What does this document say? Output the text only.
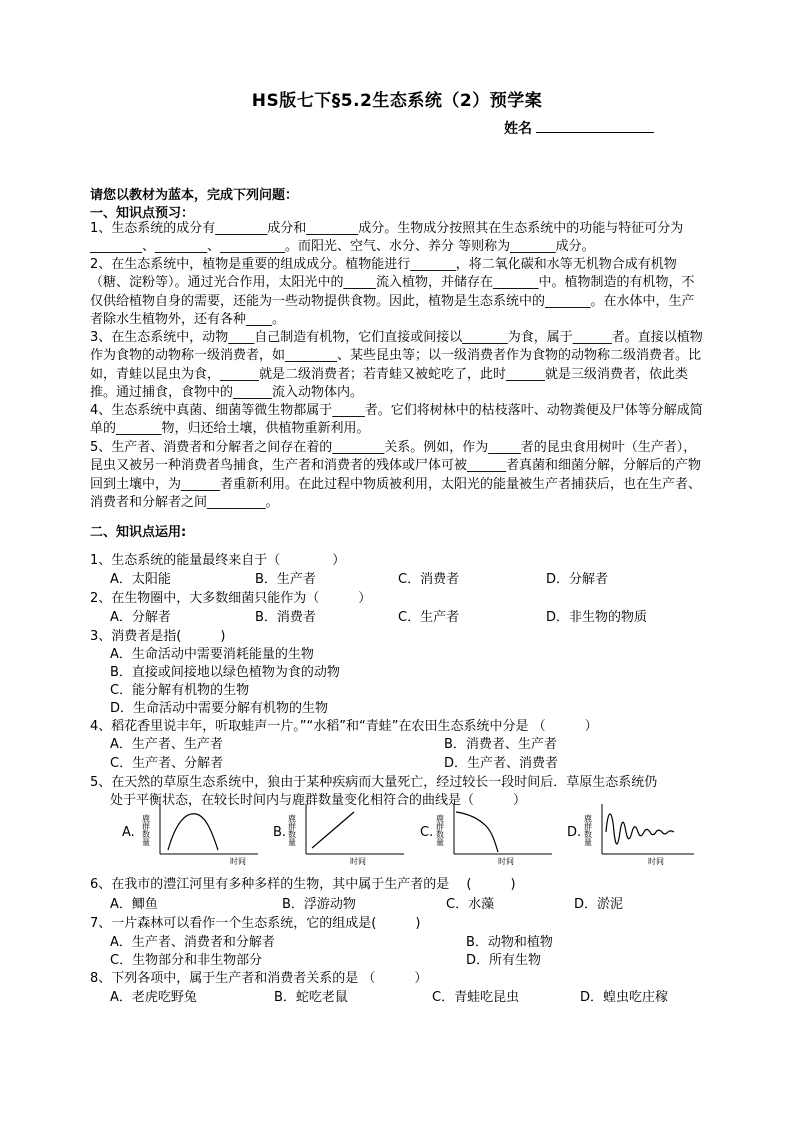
HS版七下§5.2生态系统（2）预学案
姓名
请您以教材为蓝本，完成下列问题：
一、知识点预习：
1、生态系统的成分有________成分和________成分。生物成分按照其在生态系统中的功能与特征可分为________、________、__________。而阳光、空气、水分、养分 等则称为_______成分。
2、在生态系统中，植物是重要的组成成分。植物能进行_______，将二氧化碳和水等无机物合成有机物（糖、淀粉等）。通过光合作用，太阳光中的_____流入植物，并储存在_______中。植物制造的有机物，不仅供给植物自身的需要，还能为一些动物提供食物。因此，植物是生态系统中的_______。在水体中，生产者除水生植物外，还有各种____。
3、在生态系统中，动物____自己制造有机物，它们直接或间接以_______为食，属于______者。直接以植物作为食物的动物称一级消费者，如________、某些昆虫等；以一级消费者作为食物的动物称二级消费者。比如，青蛙以昆虫为食，______就是二级消费者；若青蛙又被蛇吃了，此时______就是三级消费者，依此类推。通过捕食，食物中的______流入动物体内。
4、生态系统中真菌、细菌等微生物都属于_____者。它们将树林中的枯枝落叶、动物粪便及尸体等分解成简单的_______物，归还给土壤，供植物重新利用。
5、生产者、消费者和分解者之间存在着的________关系。例如，作为_____者的昆虫食用树叶（生产者），昆虫又被另一种消费者鸟捕食，生产者和消费者的残体或尸体可被______者真菌和细菌分解，分解后的产物回到土壤中，为______者重新利用。在此过程中物质被利用，太阳光的能量被生产者捕获后，也在生产者、消费者和分解者之间_________。
二、知识点运用:
1、生态系统的能量最终来自于（　　　　）
A．太阳能	B．生产者	C．消费者	D．分解者
2、在生物圈中，大多数细菌只能作为（　　　）
A．分解者	B．消费者	C．生产者	D．非生物的物质
3、消费者是指(　　　)
A．生命活动中需要消耗能量的生物
B．直接或间接地以绿色植物为食的动物
C．能分解有机物的生物
D．生命活动中需要分解有机物的生物
4、稻花香里说丰年，听取蛙声一片。”“水稻”和“青蛙”在农田生态系统中分是 （　　　）
A．生产者、生产者	B．消费者、生产者
C．生产者、分解者	D．生产者、消费者
5、在天然的草原生态系统中，狼由于某种疾病而大量死亡，经过较长一段时间后．草原生态系统仍
处于平衡状态，在较长时间内与鹿群数量变化相符合的曲线是（　　　）
A. 鹿群数量
时间
B. 鹿群数量
时间
C. 鹿群数量
时间
D. 鹿群数量
时间
6、在我市的澧江河里有多种多样的生物，其中属于生产者的是 　(　　　)
A．鲫鱼	B．浮游动物	C．水藻	D．淤泥
7、一片森林可以看作一个生态系统，它的组成是(　　　)
A．生产者、消费者和分解者	B．动物和植物
C．生物部分和非生物部分	D．所有生物
8、下列各项中，属于生产者和消费者关系的是 （　　　）
A．老虎吃野兔	B．蛇吃老鼠	C．青蛙吃昆虫	D．蝗虫吃庄稼
